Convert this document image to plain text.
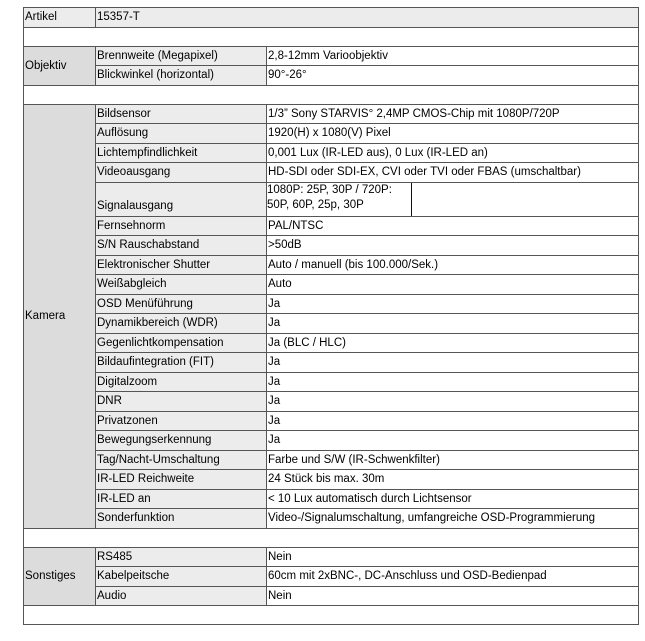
Artikel	15357-T	

Objektiv	Brennweite (Megapixel)	2,8-12mm Varioobjektiv
	Blickwinkel (horizontal)	90°-26°

Kamera	Bildsensor	1/3” Sony STARVIS° 2,4MP CMOS-Chip mit 1080P/720P
	Auflösung	1920(H) x 1080(V) Pixel
	Lichtempfindlichkeit	0,001 Lux (IR-LED aus), 0 Lux (IR-LED an)
	Videoausgang	HD-SDI oder SDI-EX, CVI oder TVI oder FBAS (umschaltbar)
	Signalausgang	1080P: 25P, 30P / 720P:
50P, 60P, 25p, 30P

	Fernsehnorm	PAL/NTSC
	S/N Rauschabstand	>50dB
	Elektronischer Shutter	Auto / manuell (bis 100.000/Sek.)
	Weißabgleich	Auto
	OSD Menüführung	Ja
	Dynamikbereich (WDR)	Ja
	Gegenlichtkompensation	Ja (BLC / HLC)
	Bildaufintegration (FIT)	Ja
	Digitalzoom	Ja
	DNR	Ja
	Privatzonen	Ja
	Bewegungserkennung	Ja
	Tag/Nacht-Umschaltung	Farbe und S/W (IR-Schwenkfilter)
	IR-LED Reichweite	24 Stück bis max. 30m
	IR-LED an	< 10 Lux automatisch durch Lichtsensor
	Sonderfunktion	Video-/Signalumschaltung, umfangreiche OSD-Programmierung

Sonstiges	RS485	Nein
	Kabelpeitsche	60cm mit 2xBNC-, DC-Anschluss und OSD-Bedienpad
	Audio	Nein
